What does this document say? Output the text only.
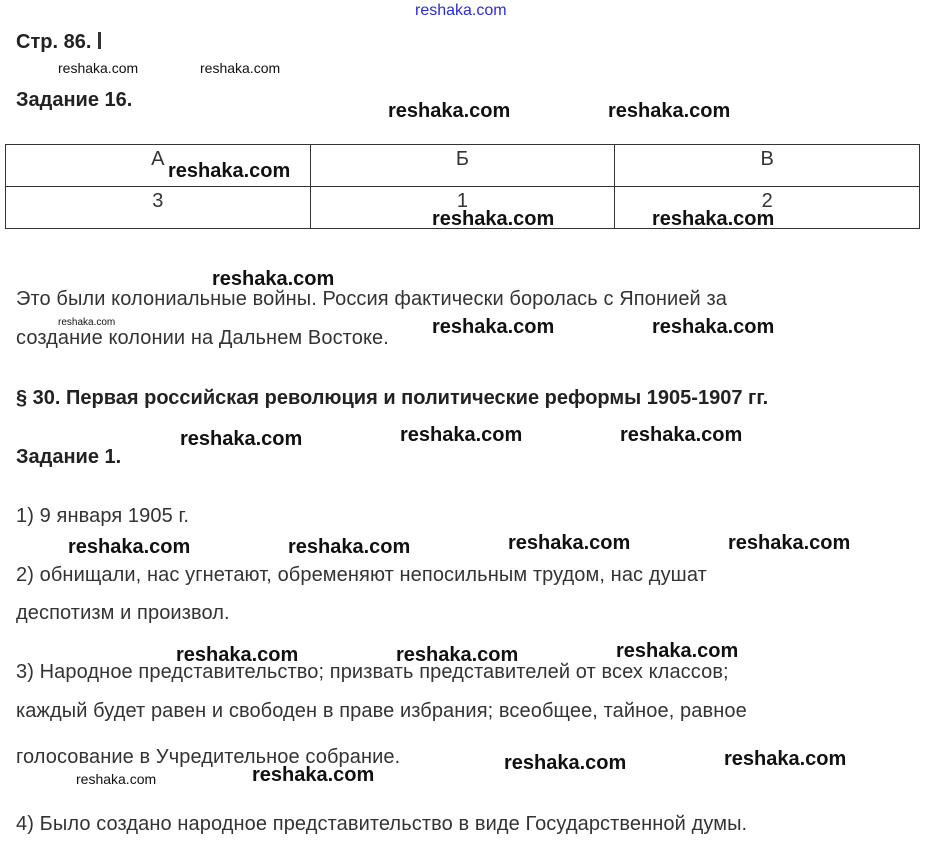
reshaka.com
Стр. 86.
Задание 16.
А	Б	В
3	1	2
Это были колониальные войны. Россия фактически боролась с Японией за
создание колонии на Дальнем Востоке.
§ 30. Первая российская революция и политические реформы 1905-1907 гг.
Задание 1.
1) 9 января 1905 г.
2) обнищали, нас угнетают, обременяют непосильным трудом, нас душат
деспотизм и произвол.
3) Народное представительство; призвать представителей от всех классов;
каждый будет равен и свободен в праве избрания; всеобщее, тайное, равное
голосование в Учредительное собрание.
4) Было создано народное представительство в виде Государственной думы.
reshaka.com	reshaka.com
reshaka.com	reshaka.com
reshaka.com
reshaka.com	reshaka.com
reshaka.com
reshaka.com	reshaka.com	reshaka.com
reshaka.com	reshaka.com	reshaka.com
reshaka.com	reshaka.com	reshaka.com	reshaka.com
reshaka.com	reshaka.com	reshaka.com
reshaka.com
reshaka.com	reshaka.com
reshaka.com
